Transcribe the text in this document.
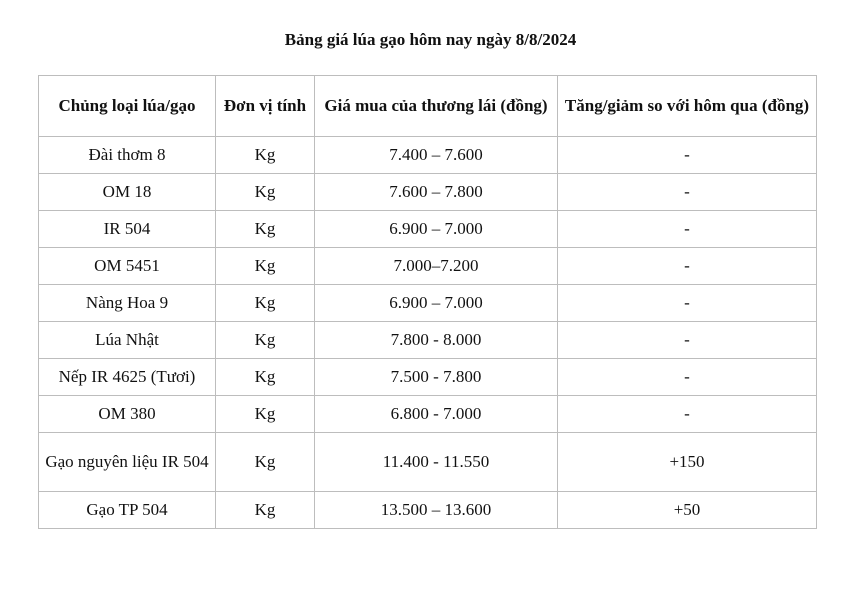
Bảng giá lúa gạo hôm nay ngày 8/8/2024
Chủng loại lúa/gạo	Đơn vị tính	Giá mua của thương lái (đồng)	Tăng/giảm so với hôm qua (đồng)
Đài thơm 8	Kg	7.400 – 7.600	-
OM 18	Kg	7.600 – 7.800	-
IR 504	Kg	6.900 – 7.000	-
OM 5451	Kg	7.000–7.200	-
Nàng Hoa 9	Kg	6.900 – 7.000	-
Lúa Nhật	Kg	7.800 - 8.000	-
Nếp IR 4625 (Tươi)	Kg	7.500 - 7.800	-
OM 380	Kg	6.800 - 7.000	-
Gạo nguyên liệu IR 504	Kg	11.400 - 11.550	+150
Gạo TP 504	Kg	13.500 – 13.600	+50
